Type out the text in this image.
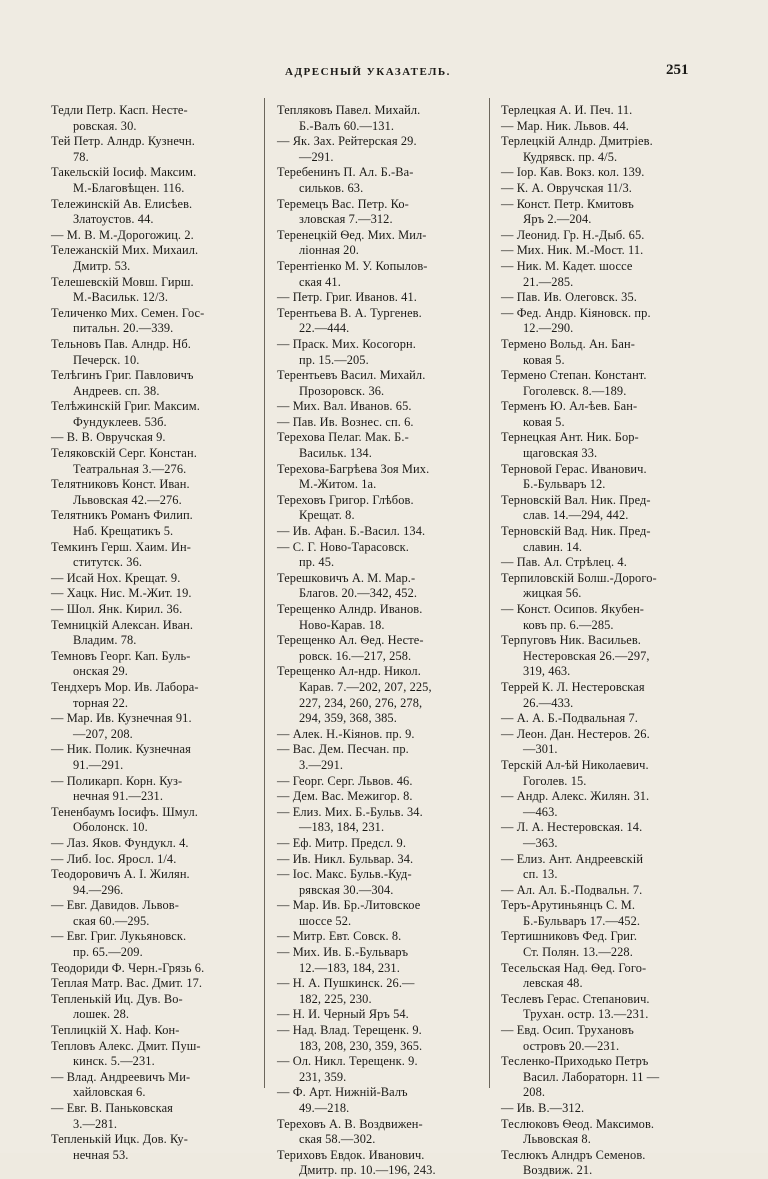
АДРЕСНЫЙ УКАЗАТЕЛЬ.	251
Тедли Петр. Касп. Несте-
ровская. 30.
Тей Петр. Алндр. Кузнечн.
78.
Такельскій Іосиф. Максим.
М.-Благовѣщен. 116.
Тележинскій Ав. Елисѣев.
Златоустов. 44.
— М. В. М.-Дорогожиц. 2.
Тележанскій Мих. Михаил.
Дмитр. 53.
Телешевскій Мовш. Гирш.
М.-Васильк. 12/3.
Теличенко Мих. Семен. Гос-
питальн. 20.—339.
Тельновъ Пав. Алндр. Нб.
Печерск. 10.
Телѣгинъ Григ. Павловичъ
Андреев. сп. 38.
Телѣжинскій Григ. Максим.
Фундуклеев. 53б.
— В. В. Овручская 9.
Теляковскій Серг. Констан.
Театральная 3.—276.
Телятниковъ Конст. Иван.
Львовская 42.—276.
Телятникъ Романъ Филип.
Наб. Крещатикъ 5.
Темкинъ Герш. Хаим. Ин-
ститутск. 36.
— Исай Нох. Крещат. 9.
— Хацк. Нис. М.-Жит. 19.
— Шол. Янк. Кирил. 36.
Темницкій Алексан. Иван.
Владим. 78.
Темновъ Георг. Кап. Буль-
онская 29.
Тендхеръ Мор. Ив. Лабора-
торная 22.
— Мар. Ив. Кузнечная 91.
—207, 208.
— Ник. Полик. Кузнечная
91.—291.
— Поликарп. Корн. Куз-
нечная 91.—231.
Тененбаумъ Іосифъ. Шмул.
Оболонск. 10.
— Лаз. Яков. Фундукл. 4.
— Либ. Іос. Яросл. 1/4.
Теодоровичъ А. І. Жилян.
94.—296.
— Евг. Давидов. Львов-
ская 60.—295.
— Евг. Григ. Лукьяновск.
пр. 65.—209.
Теодориди Ф. Черн.-Грязь 6.
Теплая Матр. Вас. Дмит. 17.
Тепленькій Иц. Дув. Во-
лошек. 28.
Теплицкій X. Наф. Кон-
Тепловъ Алекс. Дмит. Пуш-
кинск. 5.—231.
— Влад. Андреевичъ Ми-
хайловская 6.
— Евг. В. Паньковская
3.—281.
Тепленькій Ицк. Дов. Ку-
нечная 53.
Тепляковъ Павел. Михайл.
Б.-Валъ 60.—131.
— Як. Зах. Рейтерская 29.
—291.
Теребенинъ П. Ал. Б.-Ва-
сильков. 63.
Теремецъ Вас. Петр. Ко-
зловская 7.—312.
Теренецкій Ѳед. Мих. Мил-
ліонная 20.
Терентіенко М. У. Копылов-
ская 41.
— Петр. Григ. Иванов. 41.
Терентьева В. А. Тургенев.
22.—444.
— Праск. Мих. Косогорн.
пр. 15.—205.
Терентьевъ Васил. Михайл.
Прозоровск. 36.
— Мих. Вал. Иванов. 65.
— Пав. Ив. Вознес. сп. 6.
Терехова Пелаг. Мак. Б.-
Васильк. 134.
Терехова-Багрѣева Зоя Мих.
М.-Житом. 1а.
Тереховъ Григор. Глѣбов.
Крещат. 8.
— Ив. Афан. Б.-Васил. 134.
— С. Г. Ново-Тарасовск.
пр. 45.
Терешковичъ А. М. Мар.-
Благов. 20.—342, 452.
Терещенко Алндр. Иванов.
Ново-Карав. 18.
Терещенко Ал. Ѳед. Несте-
ровск. 16.—217, 258.
Терещенко Ал-ндр. Никол.
Карав. 7.—202, 207, 225,
227, 234, 260, 276, 278,
294, 359, 368, 385.
— Алек. Н.-Кіянов. пр. 9.
— Вас. Дем. Песчан. пр.
3.—291.
— Георг. Серг. Львов. 46.
— Дем. Вас. Межигор. 8.
— Елиз. Мих. Б.-Бульв. 34.
—183, 184, 231.
— Еф. Митр. Предсл. 9.
— Ив. Никл. Бульвар. 34.
— Іос. Макс. Бульв.-Куд-
рявская 30.—304.
— Мар. Ив. Бр.-Литовское
шоссе 52.
— Митр. Евт. Совск. 8.
— Мих. Ив. Б.-Бульваръ
12.—183, 184, 231.
— Н. А. Пушкинск. 26.—
182, 225, 230.
— Н. И. Черный Яръ 54.
— Над. Влад. Терещенк. 9.
183, 208, 230, 359, 365.
— Ол. Никл. Терещенк. 9.
231, 359.
— Ф. Арт. Нижній-Валъ
49.—218.
Тереховъ А. В. Воздвижен-
ская 58.—302.
Териховъ Евдок. Иванович.
Дмитр. пр. 10.—196, 243.
Терлецкая А. И. Печ. 11.
— Мар. Ник. Львов. 44.
Терлецкій Алндр. Дмитріев.
Кудрявск. пр. 4/5.
— Іор. Кав. Вокз. кол. 139.
— К. А. Овручская 11/3.
— Конст. Петр. Кмитовъ
Яръ 2.—204.
— Леонид. Гр. Н.-Дыб. 65.
— Мих. Ник. М.-Мост. 11.
— Ник. М. Кадет. шоссе
21.—285.
— Пав. Ив. Олеговск. 35.
— Фед. Андр. Кіяновск. пр.
12.—290.
Термено Вольд. Ан. Бан-
ковая 5.
Термено Степан. Констант.
Гоголевск. 8.—189.
Терменъ Ю. Ал-ѣев. Бан-
ковая 5.
Тернецкая Ант. Ник. Бор-
щаговская 33.
Терновой Герас. Иванович.
Б.-Бульваръ 12.
Терновскій Вал. Ник. Пред-
слав. 14.—294, 442.
Терновскій Вад. Ник. Пред-
славин. 14.
— Пав. Ал. Стрѣлец. 4.
Терпиловскій Болш.-Дорого-
жицкая 56.
— Конст. Осипов. Якубен-
ковъ пр. 6.—285.
Терпуговъ Ник. Васильев.
Нестеровская 26.—297,
319, 463.
Террей К. Л. Нестеровская
26.—433.
— А. А. Б.-Подвальная 7.
— Леон. Дан. Нестеров. 26.
—301.
Терскій Ал-ѣй Николаевич.
Гоголев. 15.
— Андр. Алекс. Жилян. 31.
—463.
— Л. А. Нестеровская. 14.
—363.
— Елиз. Ант. Андреевскій
сп. 13.
— Ал. Ал. Б.-Подвальн. 7.
Теръ-Арутиньянцъ С. М.
Б.-Бульваръ 17.—452.
Тертишниковъ Фед. Григ.
Ст. Полян. 13.—228.
Тесельская Над. Ѳед. Гого-
левская 48.
Теслевъ Герас. Степанович.
Трухан. остр. 13.—231.
— Евд. Осип. Трухановъ
островъ 20.—231.
Тесленко-Приходько Петръ
Васил. Лабораторн. 11 —
208.
— Ив. В.—312.
Теслюковъ Ѳеод. Максимов.
Львовская 8.
Теслюкъ Алндръ Семенов.
Воздвиж. 21.
